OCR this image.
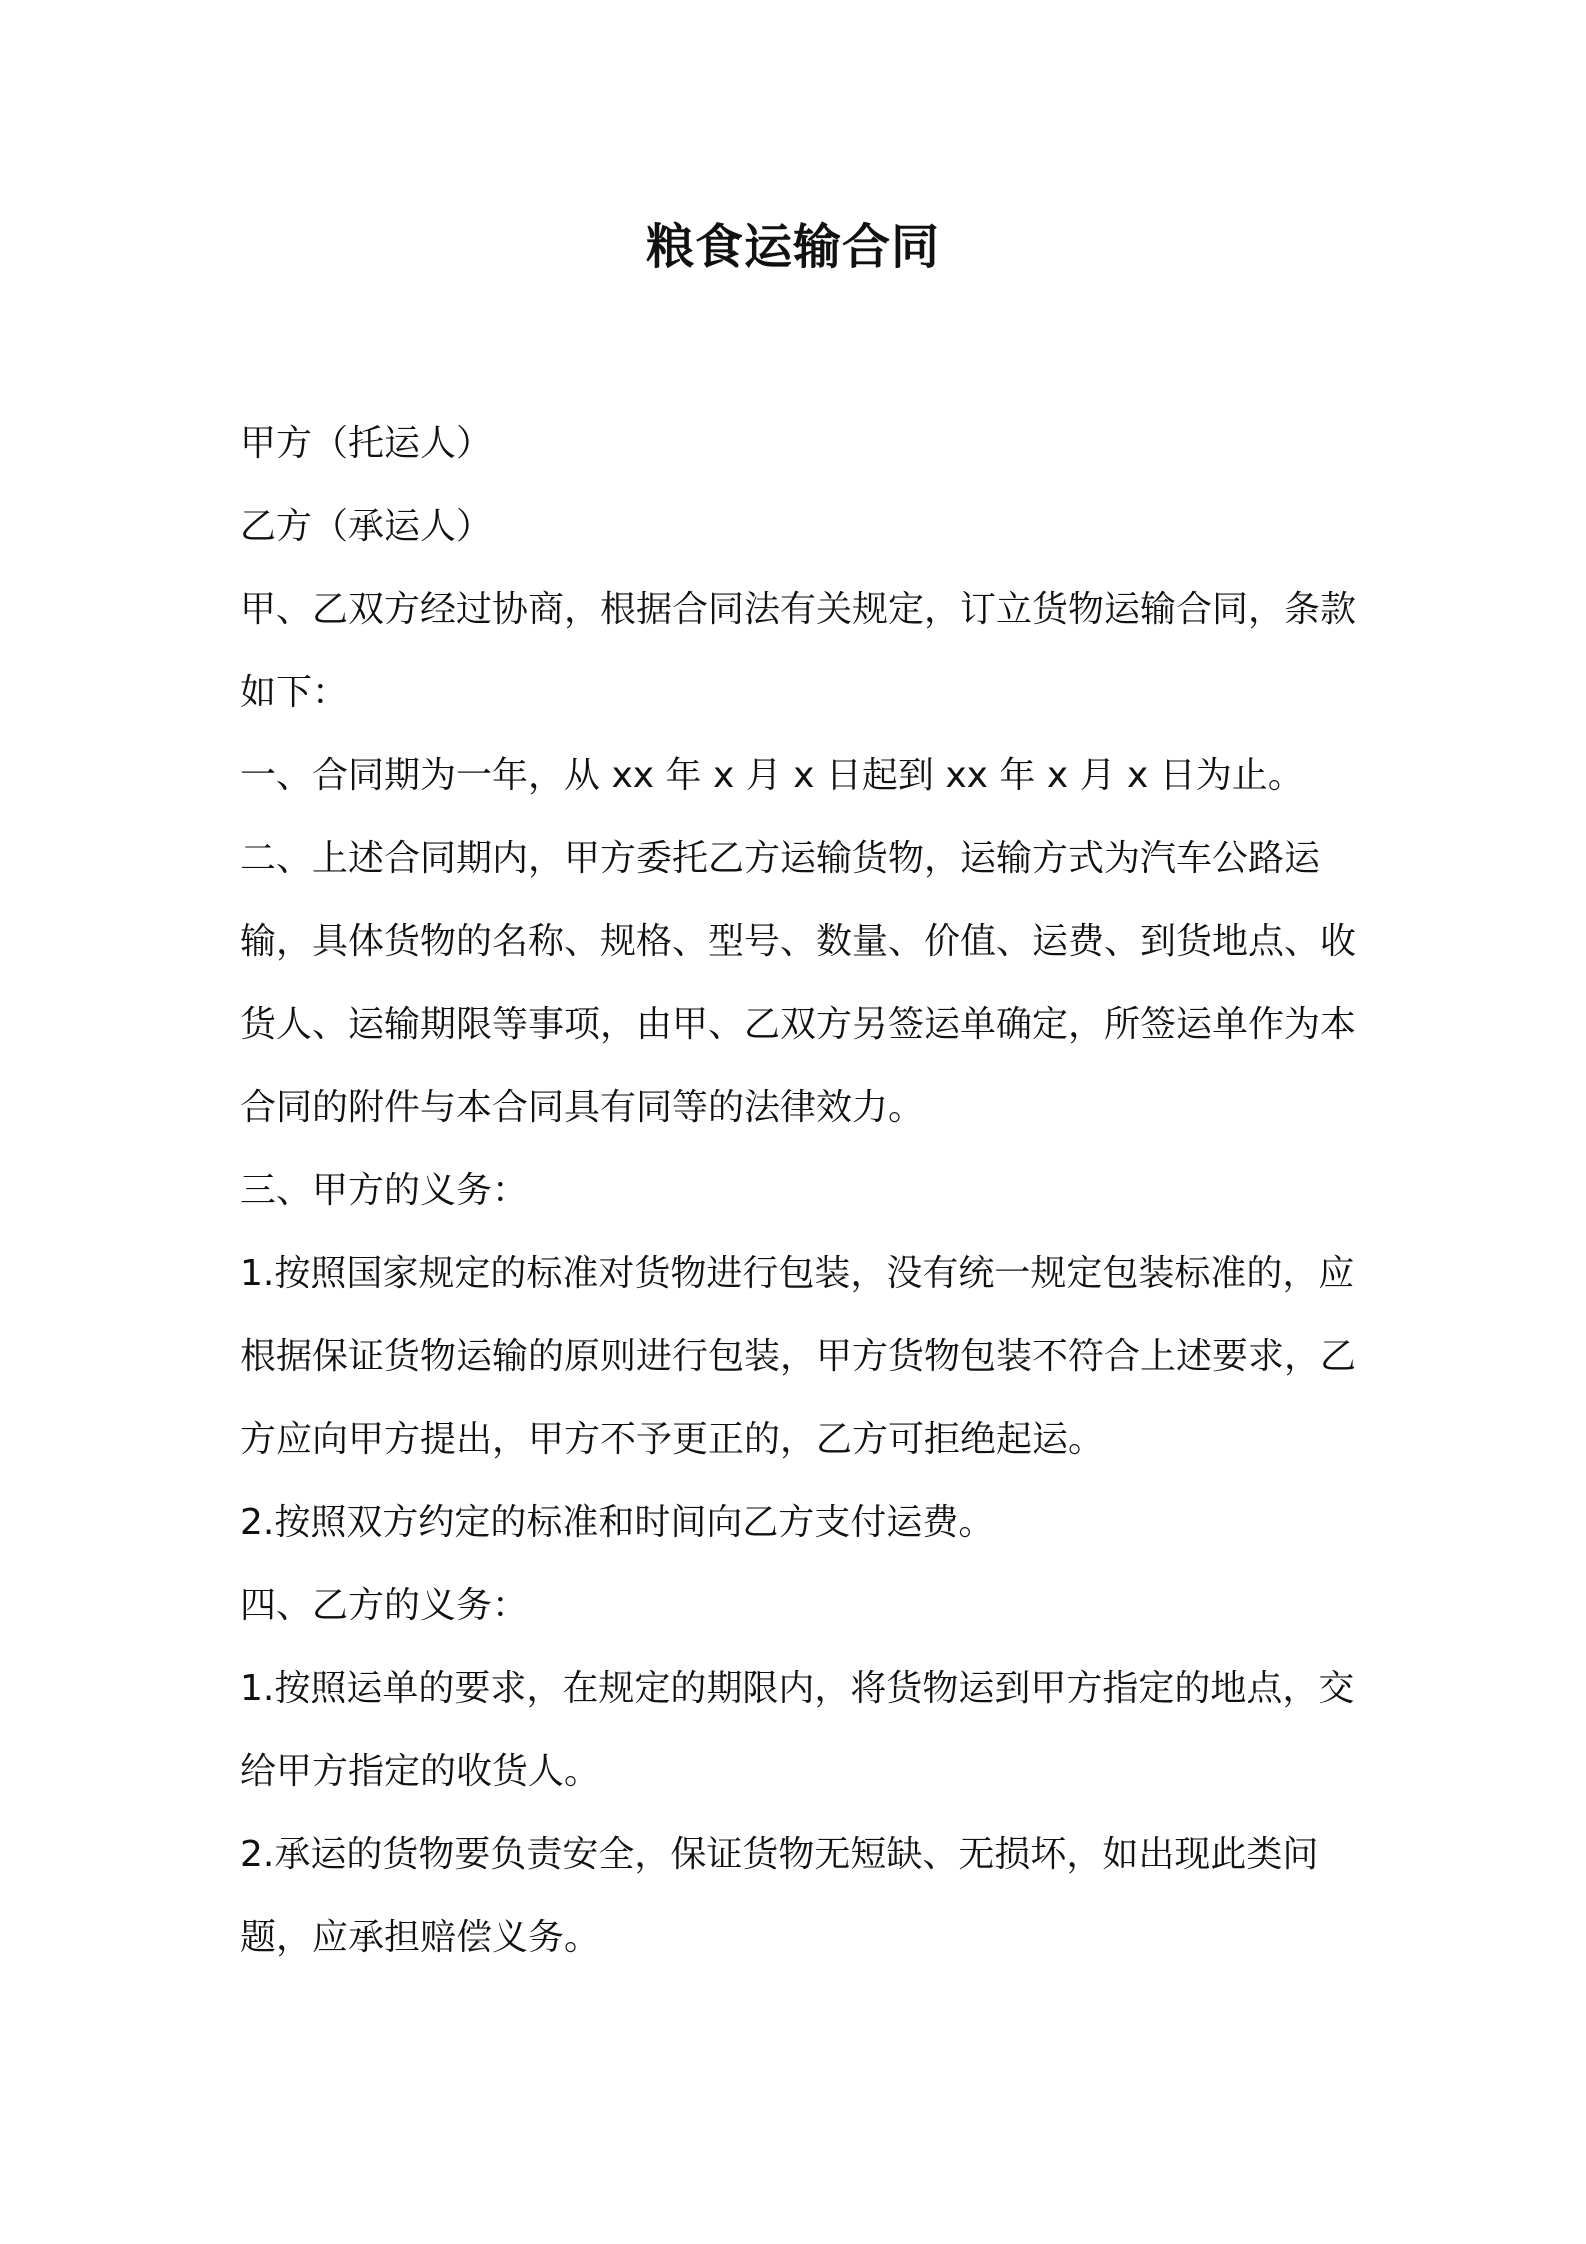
粮食运输合同

甲方（托运人）

乙方（承运人）

甲、乙双方经过协商，根据合同法有关规定，订立货物运输合同，条款如下：

一、合同期为一年，从 xx 年 x 月 x 日起到 xx 年 x 月 x 日为止。

二、上述合同期内，甲方委托乙方运输货物，运输方式为汽车公路运输，具体货物的名称、规格、型号、数量、价值、运费、到货地点、收货人、运输期限等事项，由甲、乙双方另签运单确定，所签运单作为本合同的附件与本合同具有同等的法律效力。

三、甲方的义务：

1.按照国家规定的标准对货物进行包装，没有统一规定包装标准的，应根据保证货物运输的原则进行包装，甲方货物包装不符合上述要求，乙方应向甲方提出，甲方不予更正的，乙方可拒绝起运。

2.按照双方约定的标准和时间向乙方支付运费。

四、乙方的义务：

1.按照运单的要求，在规定的期限内，将货物运到甲方指定的地点，交给甲方指定的收货人。

2.承运的货物要负责安全，保证货物无短缺、无损坏，如出现此类问题，应承担赔偿义务。
